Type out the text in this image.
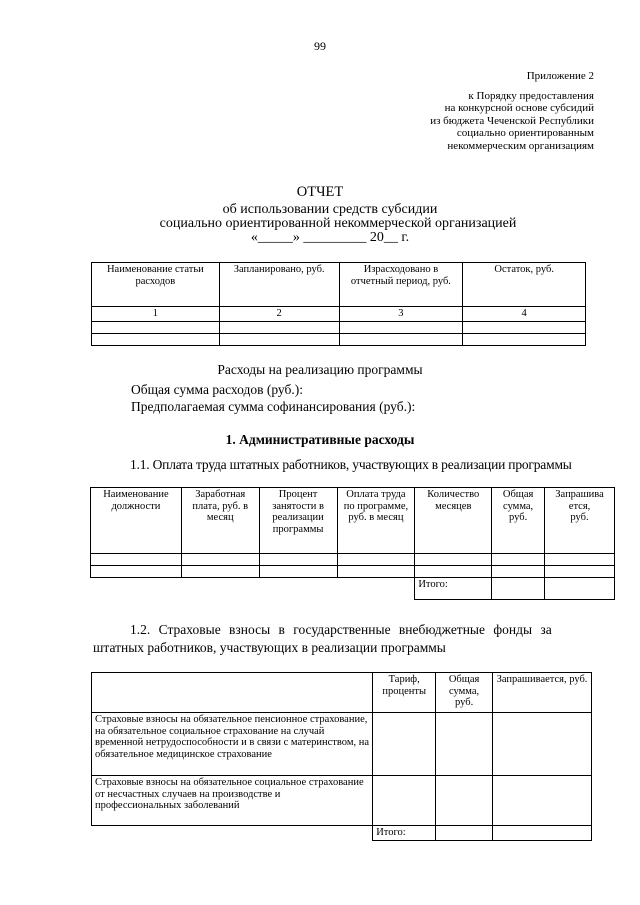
99
Приложение 2
к Порядку предоставления
на конкурсной основе субсидий
из бюджета Чеченской Республики
социально ориентированным
некоммерческим организациям
ОТЧЕТ
об использовании средств субсидии
социально ориентированной некоммерческой организацией
«_____» _________ 20__ г.
Наименование статьи расходов	Запланировано, руб.	Израсходовано в отчетный период, руб.	Остаток, руб.
1	2	3	4

Расходы на реализацию программы
Общая сумма расходов (руб.):
Предполагаемая сумма софинансирования (руб.):
1. Административные расходы
1.1. Оплата труда штатных работников, участвующих в реализации программы
Наименование должности	Заработная плата, руб. в месяц	Процент занятости в реализации программы	Оплата труда по программе, руб. в месяц	Количество месяцев	Общая сумма, руб.	Запрашива
ется,
руб.

				Итого:		
1.2. Страховые взносы в государственные внебюджетные фонды за
штатных работников, участвующих в реализации программы
	Тариф, проценты	Общая сумма, руб.	Запрашивается, руб.
Страховые взносы на обязательное пенсионное страхование, на обязательное социальное страхование на случай временной нетрудоспособности и в связи с материнством, на обязательное медицинское страхование			
Страховые взносы на обязательное социальное страхование от несчастных случаев на производстве и профессиональных заболеваний			
	Итого:		
